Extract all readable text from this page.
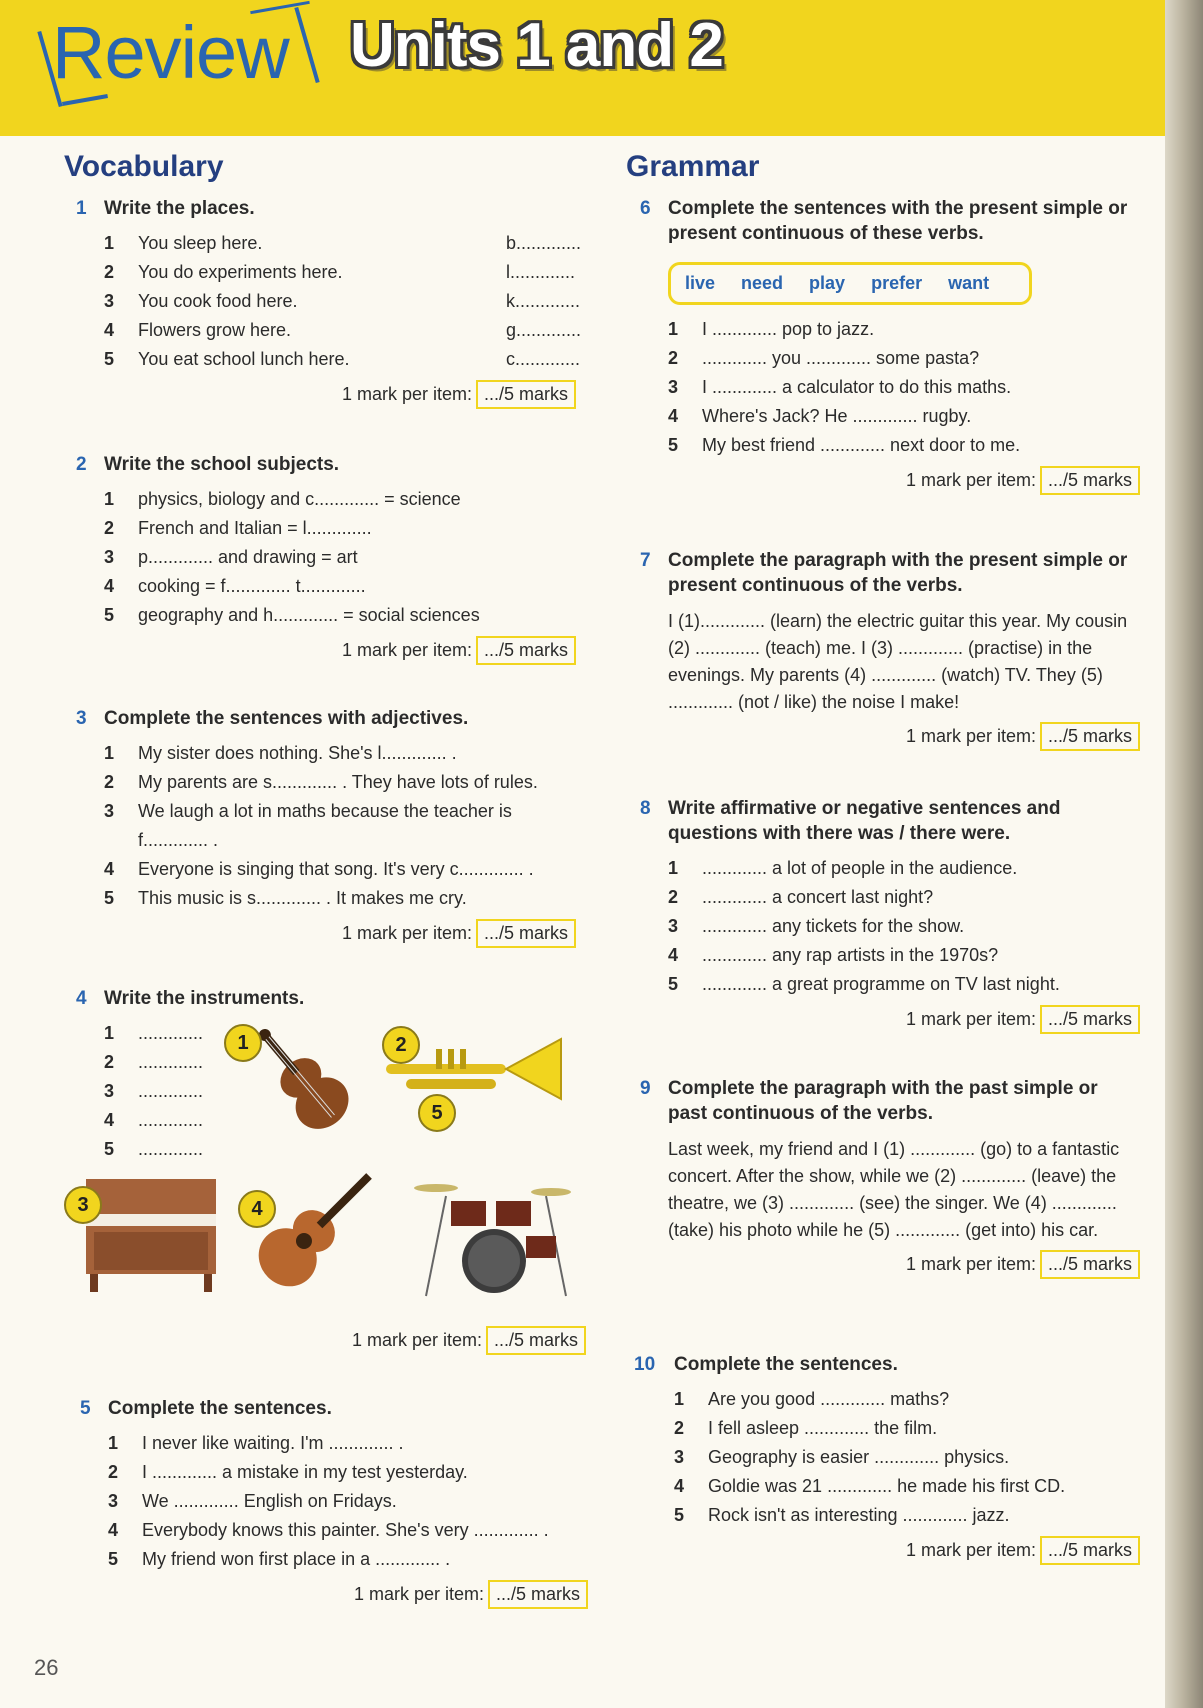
Review Units 1 and 2
Vocabulary
1 Write the places.
1	You sleep here.	b.............
2	You do experiments here.	l.............
3	You cook food here.	k.............
4	Flowers grow here.	g.............
5	You eat school lunch here.	c.............
1 mark per item: .../5 marks
2 Write the school subjects.
1	physics, biology and c............. = science
2	French and Italian = l.............
3	p............. and drawing = art
4	cooking = f............. t.............
5	geography and h............. = social sciences
1 mark per item: .../5 marks
3 Complete the sentences with adjectives.
1	My sister does nothing. She's l............. .
2	My parents are s............. . They have lots of rules.
3	We laugh a lot in maths because the teacher is f............. .
4	Everyone is singing that song. It's very c............. .
5	This music is s............. . It makes me cry.
1 mark per item: .../5 marks
4 Write the instruments.
1	.............
2	.............
3	.............
4	.............
5	.............
1	2
3	4
5
1 mark per item: .../5 marks
5 Complete the sentences.
1	I never like waiting. I'm ............. .
2	I ............. a mistake in my test yesterday.
3	We ............. English on Fridays.
4	Everybody knows this painter. She's very ............. .
5	My friend won first place in a ............. .
1 mark per item: .../5 marks
Grammar
6 Complete the sentences with the present simple or present continuous of these verbs.
live need play prefer want
1	I ............. pop to jazz.
2	............. you ............. some pasta?
3	I ............. a calculator to do this maths.
4	Where's Jack? He ............. rugby.
5	My best friend ............. next door to me.
1 mark per item: .../5 marks
7 Complete the paragraph with the present simple or present continuous of the verbs.
I (1)............. (learn) the electric guitar this year. My cousin (2) ............. (teach) me. I (3) ............. (practise) in the evenings. My parents (4) ............. (watch) TV. They (5) ............. (not / like) the noise I make!
1 mark per item: .../5 marks
8 Write affirmative or negative sentences and questions with there was / there were.
1	............. a lot of people in the audience.
2	............. a concert last night?
3	............. any tickets for the show.
4	............. any rap artists in the 1970s?
5	............. a great programme on TV last night.
1 mark per item: .../5 marks
9 Complete the paragraph with the past simple or past continuous of the verbs.
Last week, my friend and I (1) ............. (go) to a fantastic concert. After the show, while we (2) ............. (leave) the theatre, we (3) ............. (see) the singer. We (4) ............. (take) his photo while he (5) ............. (get into) his car.
1 mark per item: .../5 marks
10 Complete the sentences.
1	Are you good ............. maths?
2	I fell asleep ............. the film.
3	Geography is easier ............. physics.
4	Goldie was 21 ............. he made his first CD.
5	Rock isn't as interesting ............. jazz.
1 mark per item: .../5 marks
26
